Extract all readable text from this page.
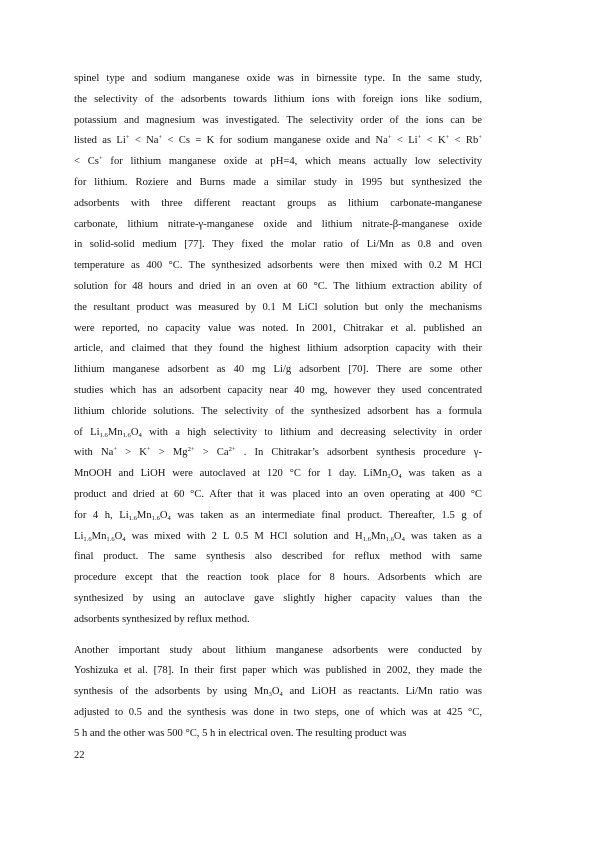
spinel type and sodium manganese oxide was in birnessite type. In the same study,
the selectivity of the adsorbents towards lithium ions with foreign ions like sodium,
potassium and magnesium was investigated. The selectivity order of the ions can be
listed as Li+ < Na+ < Cs = K for sodium manganese oxide and Na+ < Li+ < K+ < Rb+
< Cs+ for lithium manganese oxide at pH=4, which means actually low selectivity
for lithium. Roziere and Burns made a similar study in 1995 but synthesized the
adsorbents with three different reactant groups as lithium carbonate-manganese
carbonate, lithium nitrate-γ-manganese oxide and lithium nitrate-β-manganese oxide
in solid-solid medium [77]. They fixed the molar ratio of Li/Mn as 0.8 and oven
temperature as 400 °C. The synthesized adsorbents were then mixed with 0.2 M HCl
solution for 48 hours and dried in an oven at 60 °C. The lithium extraction ability of
the resultant product was measured by 0.1 M LiCl solution but only the mechanisms
were reported, no capacity value was noted. In 2001, Chitrakar et al. published an
article, and claimed that they found the highest lithium adsorption capacity with their
lithium manganese adsorbent as 40 mg Li/g adsorbent [70]. There are some other
studies which has an adsorbent capacity near 40 mg, however they used concentrated
lithium chloride solutions. The selectivity of the synthesized adsorbent has a formula
of $Li_{1.6}Mn_{1.6}O_4$ with a high selectivity to lithium and decreasing selectivity in order
with $Na^+ > K^+ > Mg^{2+} > Ca^{2+}$ . In Chitrakar’s adsorbent synthesis procedure γ-
MnOOH and LiOH were autoclaved at 120 °C for 1 day. $LiMn_2O_4$ was taken as a
product and dried at 60 °C. After that it was placed into an oven operating at 400 °C
for 4 h, $Li_{1.6}Mn_{1.6}O_4$ was taken as an intermediate final product. Thereafter, 1.5 g of
$Li_{1.6}Mn_{1.6}O_4$ was mixed with 2 L 0.5 M HCl solution and $H_{1.6}Mn_{1.6}O_4$ was taken as a
final product. The same synthesis also described for reflux method with same
procedure except that the reaction took place for 8 hours. Adsorbents which are
synthesized by using an autoclave gave slightly higher capacity values than the
adsorbents synthesized by reflux method.
Another important study about lithium manganese adsorbents were conducted by
Yoshizuka et al. [78]. In their first paper which was published in 2002, they made the
synthesis of the adsorbents by using $Mn_3O_4$ and LiOH as reactants. Li/Mn ratio was
adjusted to 0.5 and the synthesis was done in two steps, one of which was at 425 °C,
5 h and the other was 500 °C, 5 h in electrical oven. The resulting product was
22
